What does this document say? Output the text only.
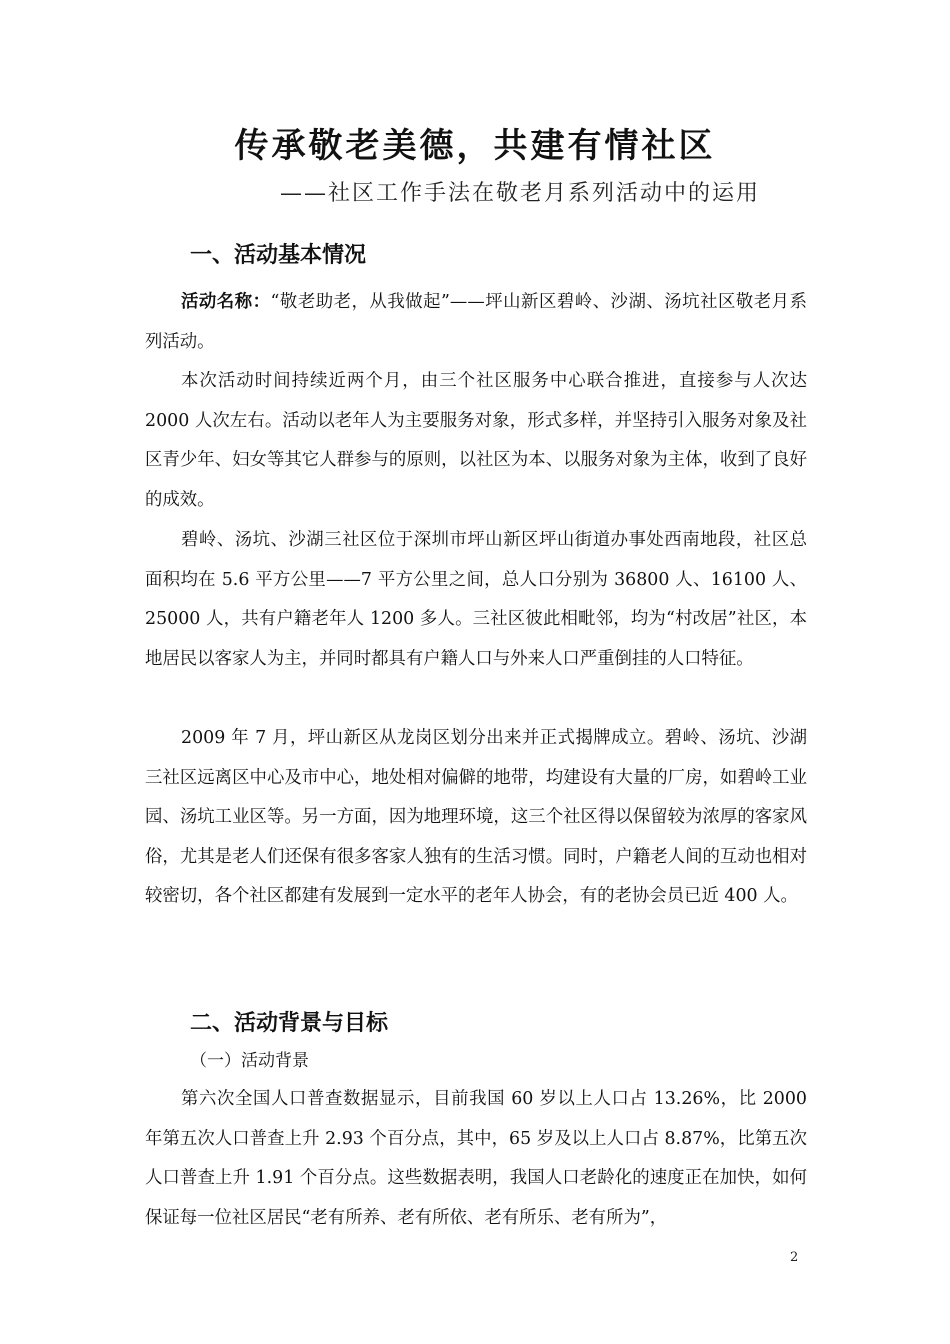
传承敬老美德，共建有情社区
——社区工作手法在敬老月系列活动中的运用
一、活动基本情况

活动名称：“敬老助老，从我做起”——坪山新区碧岭、沙湖、汤坑社区敬老月系列活动。

本次活动时间持续近两个月，由三个社区服务中心联合推进，直接参与人次达 2000 人次左右。活动以老年人为主要服务对象，形式多样，并坚持引入服务对象及社区青少年、妇女等其它人群参与的原则，以社区为本、以服务对象为主体，收到了良好的成效。

碧岭、汤坑、沙湖三社区位于深圳市坪山新区坪山街道办事处西南地段，社区总面积均在 5.6 平方公里——7 平方公里之间，总人口分别为 36800 人、16100 人、25000 人，共有户籍老年人 1200 多人。三社区彼此相毗邻，均为“村改居”社区，本地居民以客家人为主，并同时都具有户籍人口与外来人口严重倒挂的人口特征。

2009 年 7 月，坪山新区从龙岗区划分出来并正式揭牌成立。碧岭、汤坑、沙湖三社区远离区中心及市中心，地处相对偏僻的地带，均建设有大量的厂房，如碧岭工业园、汤坑工业区等。另一方面，因为地理环境，这三个社区得以保留较为浓厚的客家风俗，尤其是老人们还保有很多客家人独有的生活习惯。同时，户籍老人间的互动也相对较密切，各个社区都建有发展到一定水平的老年人协会，有的老协会员已近 400 人。

二、活动背景与目标
（一）活动背景

第六次全国人口普查数据显示，目前我国 60 岁以上人口占 13.26%，比 2000 年第五次人口普查上升 2.93 个百分点，其中，65 岁及以上人口占 8.87%，比第五次人口普查上升 1.91 个百分点。这些数据表明，我国人口老龄化的速度正在加快，如何保证每一位社区居民“老有所养、老有所依、老有所乐、老有所为”，

2
